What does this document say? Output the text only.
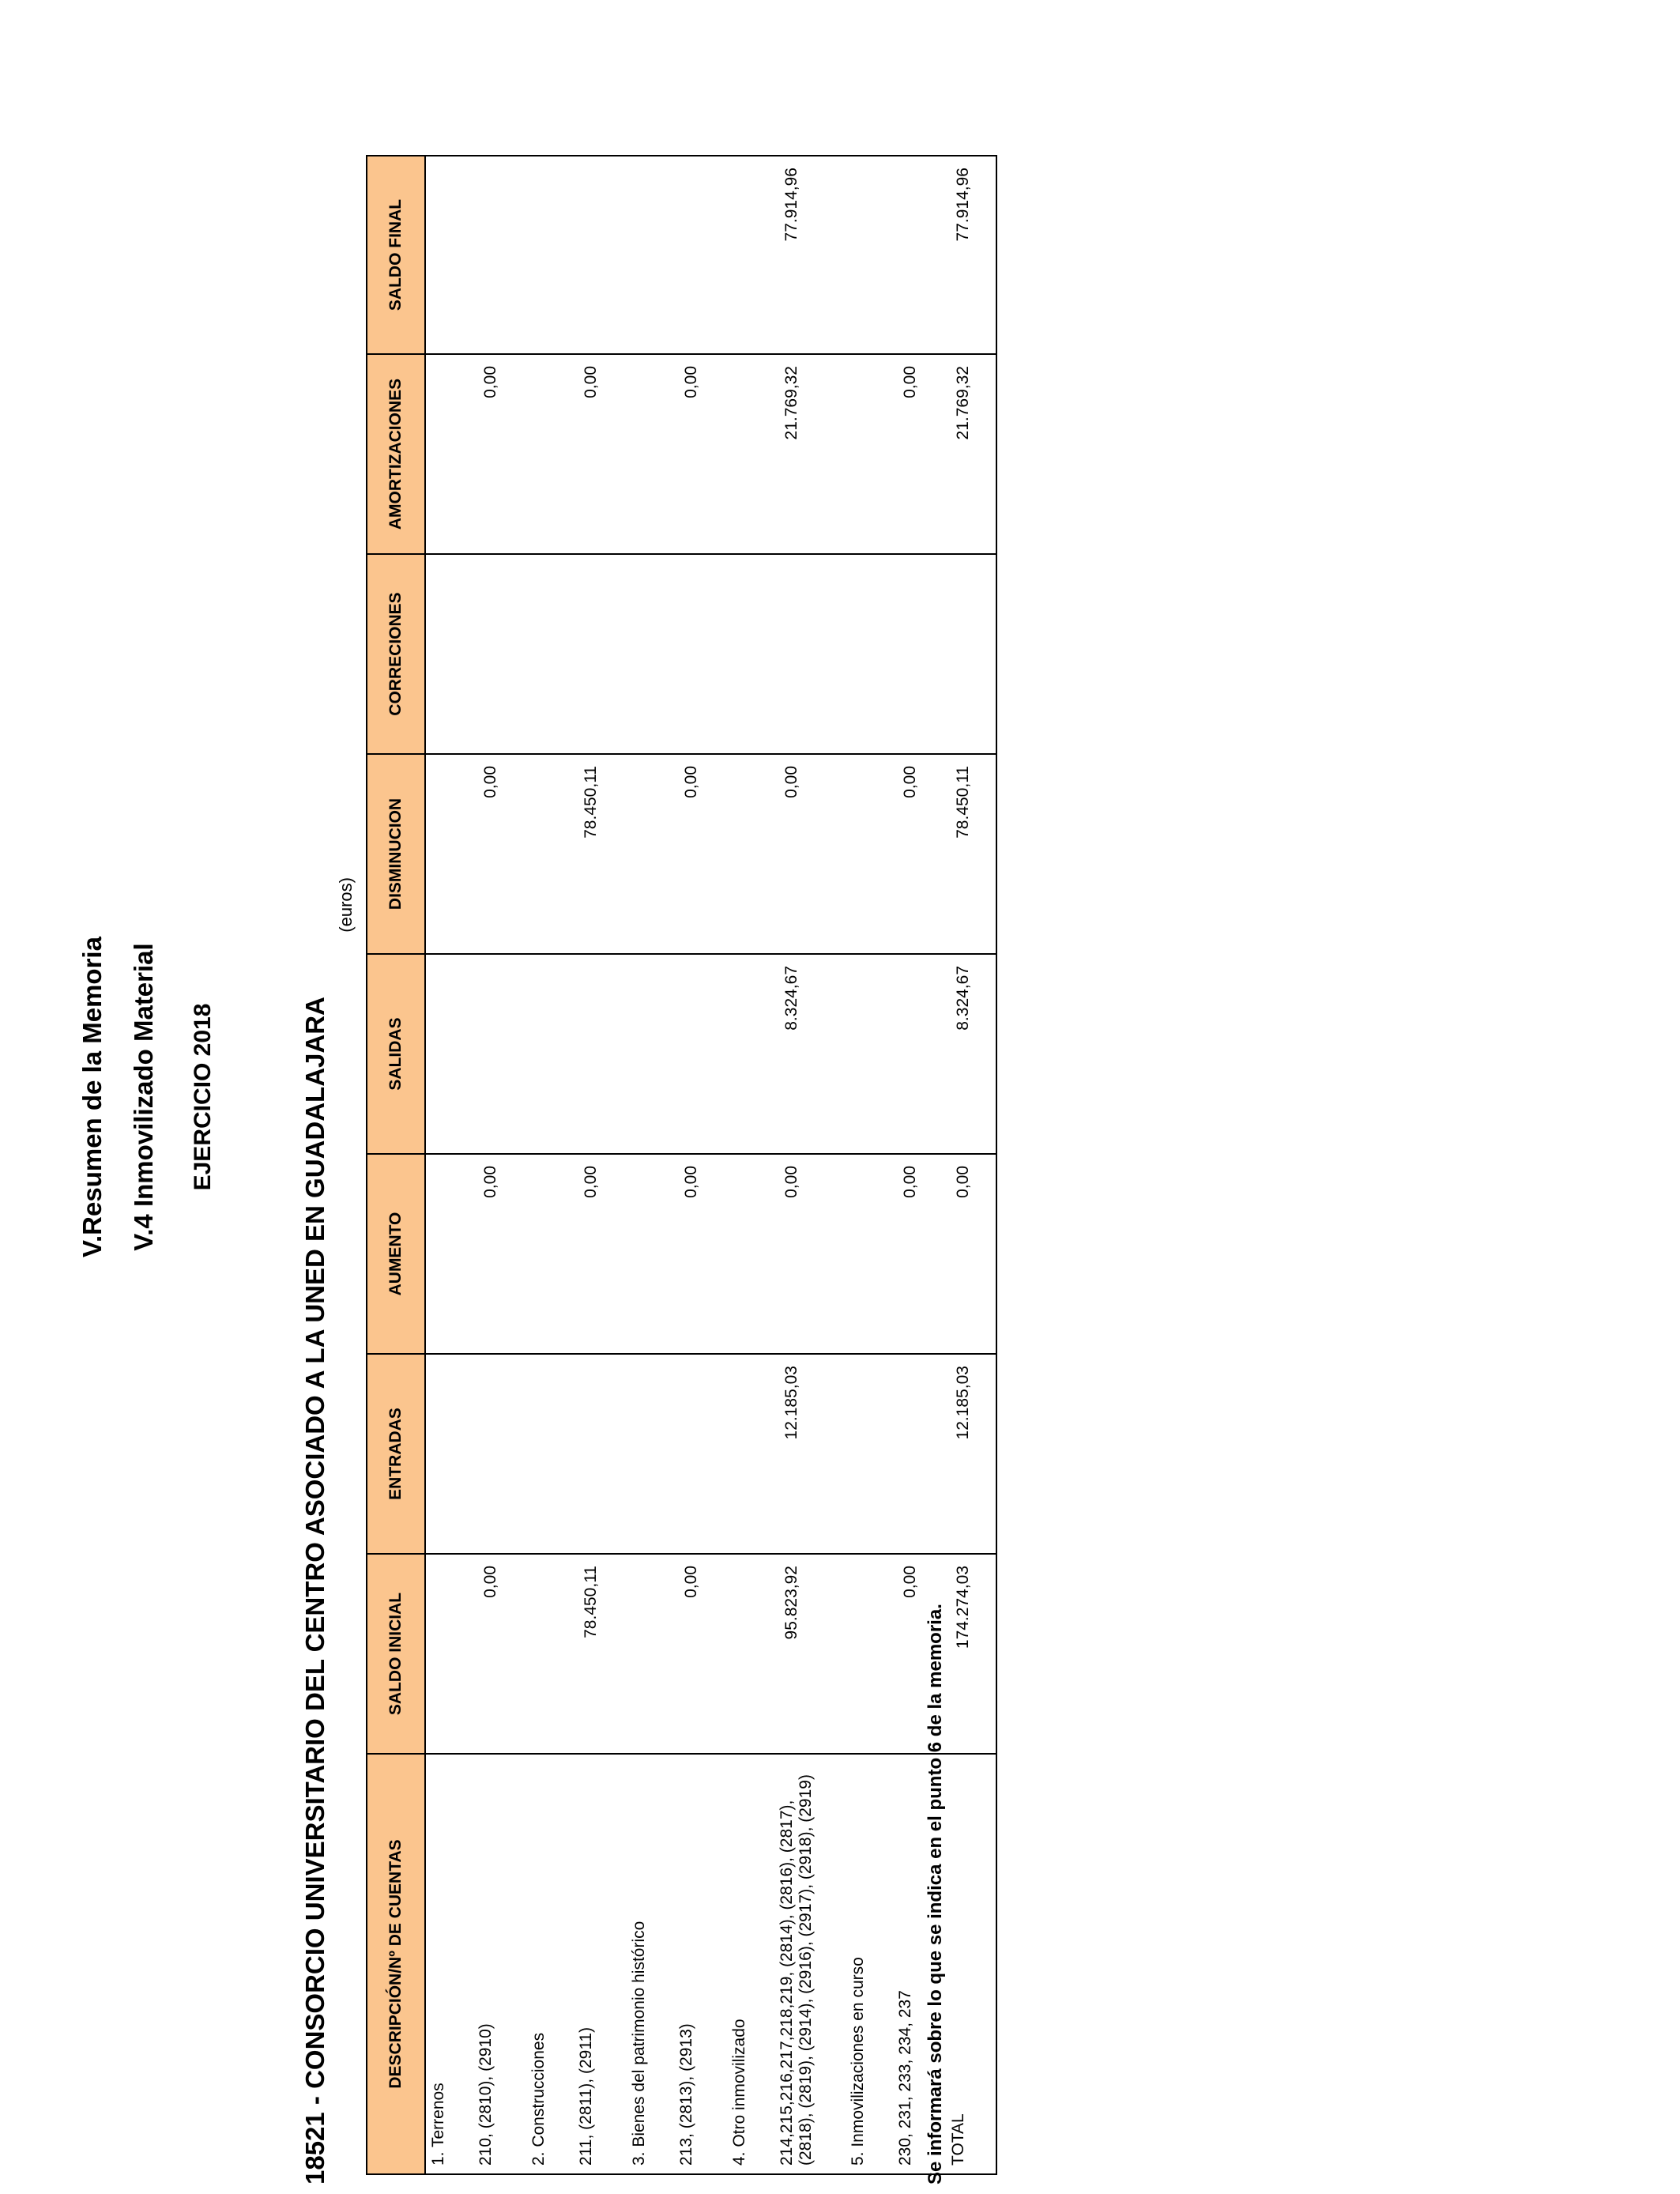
V.Resumen de la Memoria V.4 Inmovilizado Material EJERCICIO 2018	18521 - CONSORCIO UNIVERSITARIO DEL CENTRO ASOCIADO A LA UNED EN GUADALAJARA
(euros)
DESCRIPCIÓN/Nº DE CUENTAS	SALDO INICIAL	ENTRADAS	AUMENTO	SALIDAS	DISMINUCION	CORRECIONES	AMORTIZACIONES	SALDO FINAL
1. Terrenos								
210, (2810), (2910)	0,00		0,00		0,00		0,00	
2. Construcciones								
211, (2811), (2911)	78.450,11		0,00		78.450,11		0,00	
3. Bienes del patrimonio histórico								
213, (2813), (2913)	0,00		0,00		0,00		0,00	
4. Otro inmovilizado								
214,215,216,217,218,219, (2814), (2816), (2817), (2818), (2819), (2914), (2916), (2917), (2918), (2919)	95.823,92	12.185,03	0,00	8.324,67	0,00		21.769,32	77.914,96
5. Inmovilizaciones en curso								
230, 231, 233, 234, 237	0,00		0,00		0,00		0,00	
TOTAL	174.274,03	12.185,03	0,00	8.324,67	78.450,11		21.769,32	77.914,96
Se informará sobre lo que se indica en el punto 6 de la memoria.
